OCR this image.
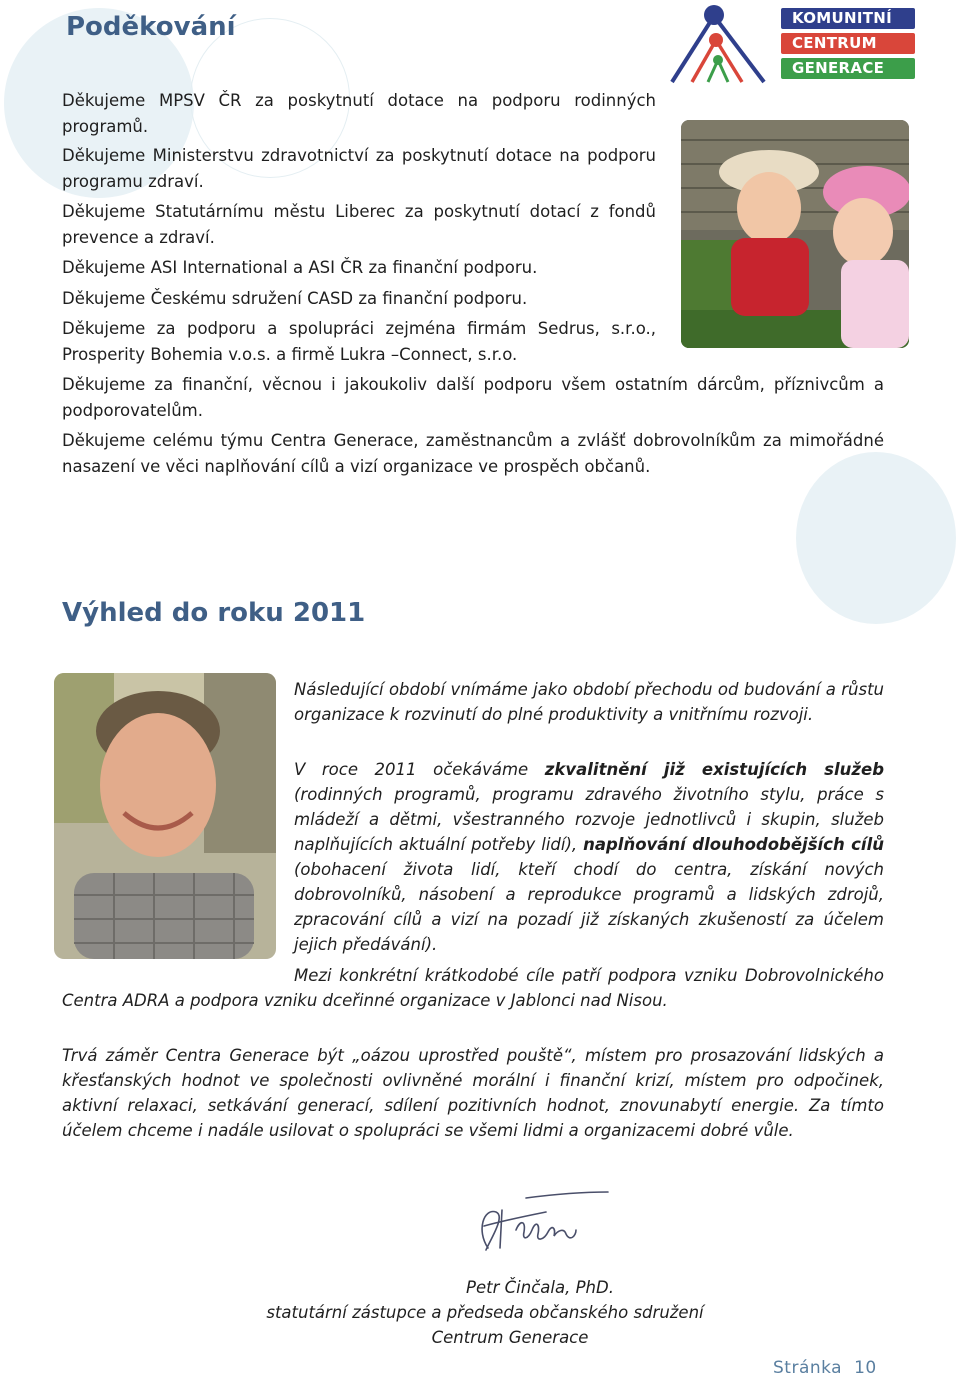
Poděkování
Výhled do roku 2011
KOMUNITNÍ
CENTRUM
GENERACE

Děkujeme MPSV ČR za poskytnutí dotace na podporu rodinných programů.

Děkujeme Ministerstvu zdravotnictví za poskytnutí dotace na podporu programu zdraví.

Děkujeme Statutárnímu městu Liberec za poskytnutí dotací z fondů prevence a zdraví.

Děkujeme ASI International a ASI ČR za finanční podporu.

Děkujeme Českému sdružení CASD za finanční podporu.

Děkujeme za podporu a spolupráci zejména firmám Sedrus, s.r.o., Prosperity Bohemia v.o.s. a firmě Lukra –Connect, s.r.o.

Děkujeme za finanční, věcnou i jakoukoliv další podporu všem ostatním dárcům, příznivcům a podporovatelům.

Děkujeme celému týmu Centra Generace, zaměstnancům a zvlášť dobrovolníkům za mimořádné nasazení ve věci naplňování cílů a vizí organizace ve prospěch občanů.

Následující období vnímáme jako období přechodu od budování a růstu organizace k rozvinutí do plné produktivity a vnitřnímu rozvoji.

V roce 2011 očekáváme zkvalitnění již existujících služeb (rodinných programů, programu zdravého životního stylu, práce s mládeží a dětmi, všestranného rozvoje jednotlivců i skupin, služeb naplňujících aktuální potřeby lidí), naplňování dlouhodobějších cílů (obohacení života lidí, kteří chodí do centra, získání nových dobrovolníků, násobení a reprodukce programů a lidských zdrojů, zpracování cílů a vizí na pozadí již získaných zkušeností za účelem jejich předávání).

Mezi konkrétní krátkodobé cíle patří podpora vzniku Dobrovolnického Centra ADRA a podpora vzniku dceřinné organizace v Jablonci nad Nisou.

Trvá záměr Centra Generace být „oázou uprostřed pouště“, místem pro prosazování lidských a křesťanských hodnot ve společnosti ovlivněné morální i finanční krizí, místem pro odpočinek, aktivní relaxaci, setkávání generací, sdílení pozitivních hodnot, znovunabytí energie. Za tímto účelem chceme i nadále usilovat o spolupráci se všemi lidmi a organizacemi dobré vůle.

Petr Činčala, PhD.

statutární zástupce a předseda občanského sdružení

Centrum Generace

Stránka 10
